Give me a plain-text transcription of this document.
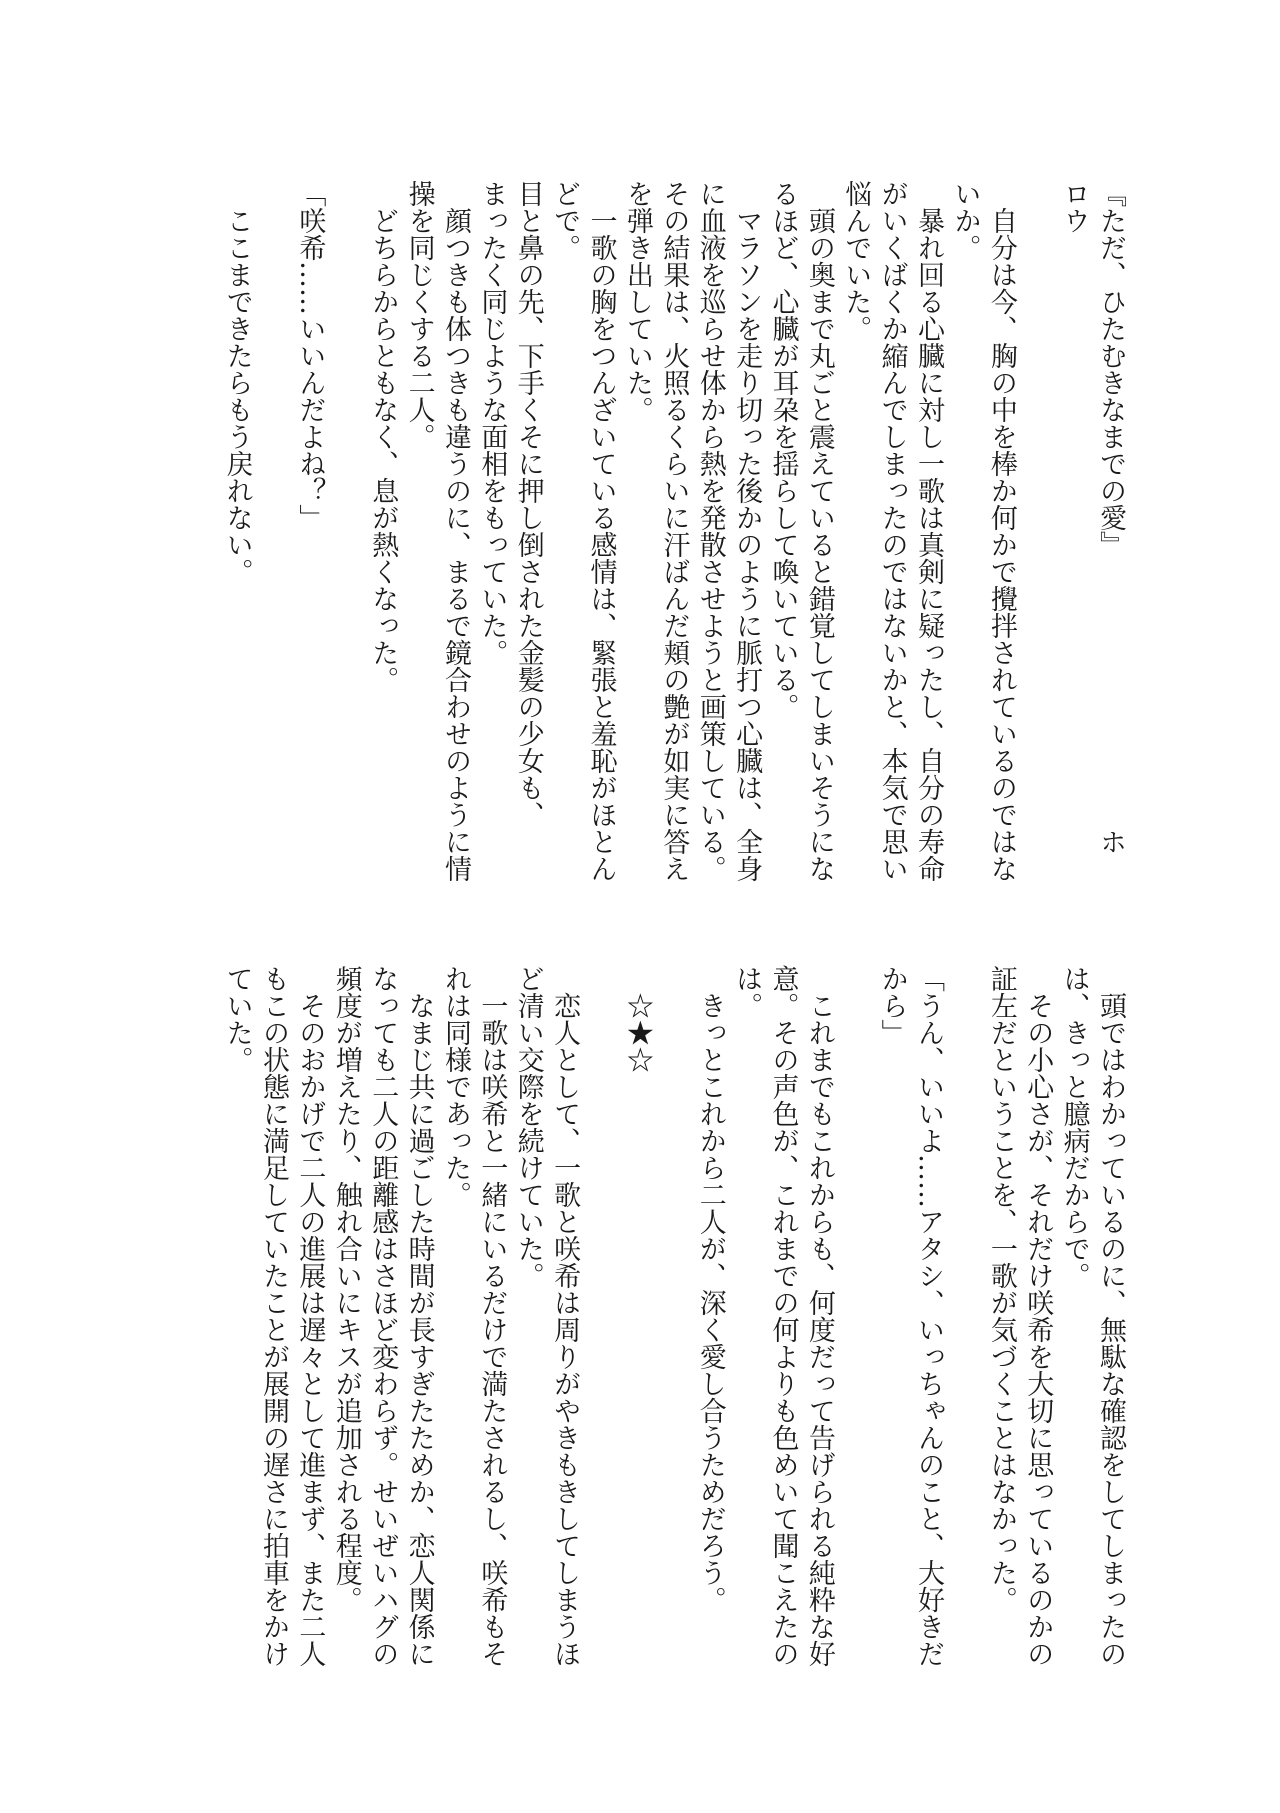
『ただ、ひたむきなまでの愛』
ホ
ロウ
　自分は今、胸の中を棒か何かで攪拌されているのではな
いか。
　暴れ回る心臓に対し一歌は真剣に疑ったし、自分の寿命
がいくばくか縮んでしまったのではないかと、本気で思い
悩んでいた。
　頭の奥まで丸ごと震えていると錯覚してしまいそうにな
るほど、心臓が耳朶を揺らして喚いている。
　マラソンを走り切った後かのように脈打つ心臓は、全身
に血液を巡らせ体から熱を発散させようと画策している。
その結果は、火照るくらいに汗ばんだ頬の艶が如実に答え
を弾き出していた。
　一歌の胸をつんざいている感情は、緊張と羞恥がほとん
どで。
目と鼻の先、下手くそに押し倒された金髪の少女も、
まったく同じような面相をもっていた。
　顔つきも体つきも違うのに、まるで鏡合わせのように情
操を同じくする二人。
　どちらからともなく、息が熱くなった。
「咲希……いいんだよね？」
　ここまできたらもう戻れない。
　頭ではわかっているのに、無駄な確認をしてしまったの
は、きっと臆病だからで。
　その小心さが、それだけ咲希を大切に思っているのかの
証左だということを、一歌が気づくことはなかった。
「うん、いいよ……アタシ、いっちゃんのこと、大好きだ
から」
　これまでもこれからも、何度だって告げられる純粋な好
意。その声色が、これまでの何よりも色めいて聞こえたの
は。
　きっとこれから二人が、深く愛し合うためだろう。
　☆★☆
　恋人として、一歌と咲希は周りがやきもきしてしまうほ
ど清い交際を続けていた。
　一歌は咲希と一緒にいるだけで満たされるし、咲希もそ
れは同様であった。
　なまじ共に過ごした時間が長すぎたためか、恋人関係に
なっても二人の距離感はさほど変わらず。せいぜいハグの
頻度が増えたり、触れ合いにキスが追加される程度。
　そのおかげで二人の進展は遅々として進まず、また二人
もこの状態に満足していたことが展開の遅さに拍車をかけ
ていた。
